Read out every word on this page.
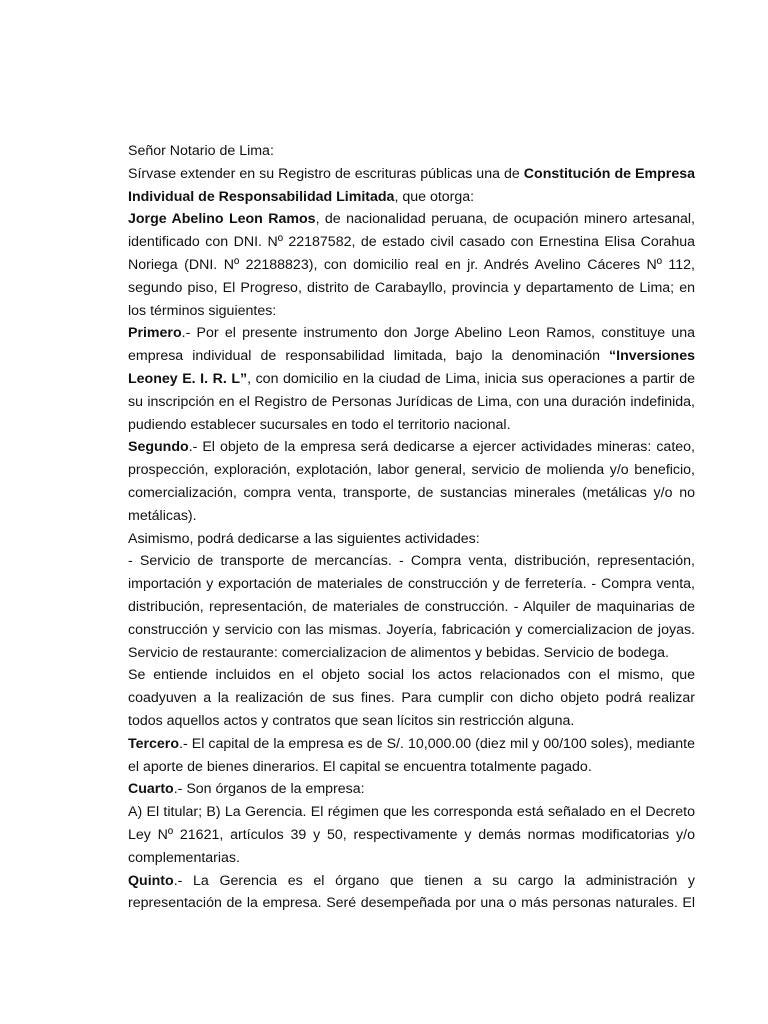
Señor Notario de Lima:

Sírvase extender en su Registro de escrituras públicas una de Constitución de Empresa Individual de Responsabilidad Limitada, que otorga:

Jorge Abelino Leon Ramos, de nacionalidad peruana, de ocupación minero artesanal, identificado con DNI. Nº 22187582, de estado civil casado con Ernestina Elisa Corahua Noriega (DNI. Nº 22188823), con domicilio real en jr. Andrés Avelino Cáceres Nº 112, segundo piso, El Progreso, distrito de Carabayllo, provincia y departamento de Lima; en los términos siguientes:

Primero.- Por el presente instrumento don Jorge Abelino Leon Ramos, constituye una empresa individual de responsabilidad limitada, bajo la denominación “Inversiones Leoney E. I. R. L”, con domicilio en la ciudad de Lima, inicia sus operaciones a partir de su inscripción en el Registro de Personas Jurídicas de Lima, con una duración indefinida, pudiendo establecer sucursales en todo el territorio nacional.

Segundo.- El objeto de la empresa será dedicarse a ejercer actividades mineras: cateo, prospección, exploración, explotación, labor general, servicio de molienda y/o beneficio, comercialización, compra venta, transporte, de sustancias minerales (metálicas y/o no metálicas).

Asimismo, podrá dedicarse a las siguientes actividades:

- Servicio de transporte de mercancías. - Compra venta, distribución, representación, importación y exportación de materiales de construcción y de ferretería. - Compra venta, distribución, representación, de materiales de construcción. - Alquiler de maquinarias de construcción y servicio con las mismas. Joyería, fabricación y comercializacion de joyas.

Servicio de restaurante: comercializacion de alimentos y bebidas. Servicio de bodega.

Se entiende incluidos en el objeto social los actos relacionados con el mismo, que coadyuven a la realización de sus fines. Para cumplir con dicho objeto podrá realizar todos aquellos actos y contratos que sean lícitos sin restricción alguna.

Tercero.- El capital de la empresa es de S/. 10,000.00 (diez mil y 00/100 soles), mediante el aporte de bienes dinerarios. El capital se encuentra totalmente pagado.

Cuarto.- Son órganos de la empresa:

A) El titular; B) La Gerencia. El régimen que les corresponda está señalado en el Decreto Ley Nº 21621, artículos 39 y 50, respectivamente y demás normas modificatorias y/o complementarias.

Quinto.- La Gerencia es el órgano que tienen a su cargo la administración y representación de la empresa. Seré desempeñada por una o más personas naturales. El
